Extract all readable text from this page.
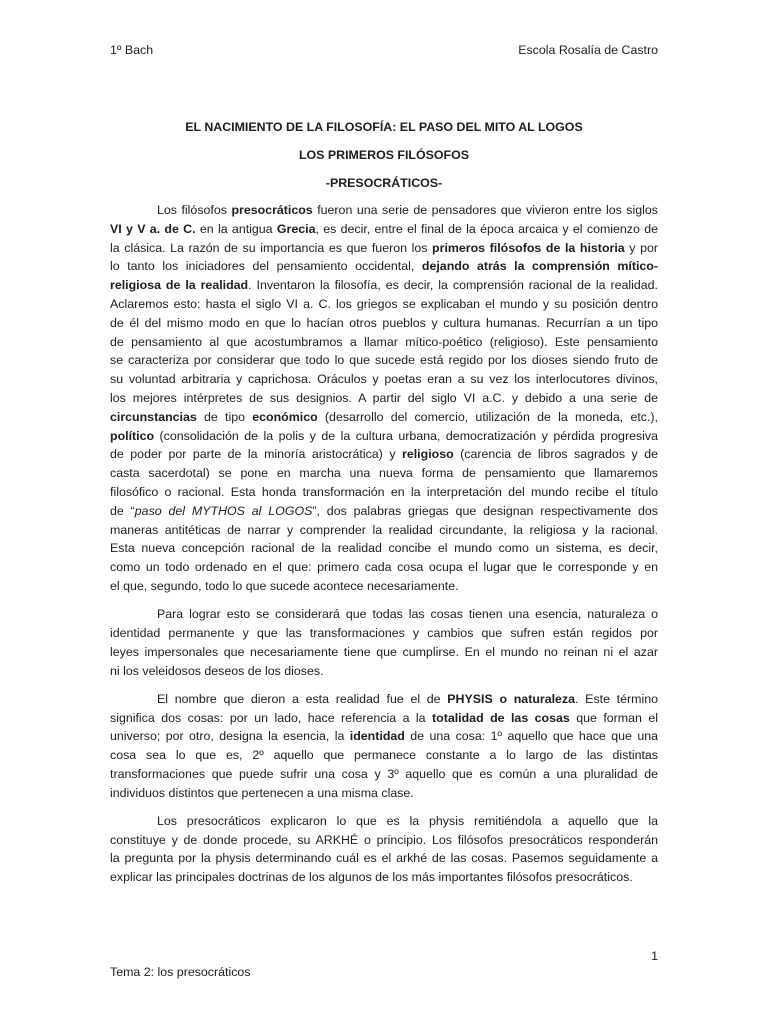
1º Bach	Escola Rosalía de Castro
EL NACIMIENTO DE LA FILOSOFÍA: EL PASO DEL MITO AL LOGOS
LOS PRIMEROS FILÓSOFOS
-PRESOCRÁTICOS-
Los filósofos presocráticos fueron una serie de pensadores que vivieron entre los siglos
VI y V a. de C. en la antigua Grecia, es decir, entre el final de la época arcaica y el comienzo de
la clásica. La razón de su importancia es que fueron los primeros filósofos de la historia y por
lo tanto los iniciadores del pensamiento occidental, dejando atrás la comprensión mítico-
religiosa de la realidad. Inventaron la filosofía, es decir, la comprensión racional de la realidad.
Aclaremos esto: hasta el siglo VI a. C. los griegos se explicaban el mundo y su posición dentro
de él del mismo modo en que lo hacían otros pueblos y cultura humanas. Recurrían a un tipo
de pensamiento al que acostumbramos a llamar mítico-poético (religioso). Este pensamiento
se caracteriza por considerar que todo lo que sucede está regido por los dioses siendo fruto de
su voluntad arbitraria y caprichosa. Oráculos y poetas eran a su vez los interlocutores divinos,
los mejores intérpretes de sus designios. A partir del siglo VI a.C. y debido a una serie de
circunstancias de tipo económico (desarrollo del comercio, utilización de la moneda, etc.),
político (consolidación de la polis y de la cultura urbana, democratización y pérdida progresiva
de poder por parte de la minoría aristocrática) y religioso (carencia de libros sagrados y de
casta sacerdotal) se pone en marcha una nueva forma de pensamiento que llamaremos
filosófico o racional. Esta honda transformación en la interpretación del mundo recibe el título
de “paso del MYTHOS al LOGOS”, dos palabras griegas que designan respectivamente dos
maneras antitéticas de narrar y comprender la realidad circundante, la religiosa y la racional.
Esta nueva concepción racional de la realidad concibe el mundo como un sistema, es decir,
como un todo ordenado en el que: primero cada cosa ocupa el lugar que le corresponde y en
el que, segundo, todo lo que sucede acontece necesariamente.
Para lograr esto se considerará que todas las cosas tienen una esencia, naturaleza o
identidad permanente y que las transformaciones y cambios que sufren están regidos por
leyes impersonales que necesariamente tiene que cumplirse. En el mundo no reinan ni el azar
ni los veleidosos deseos de los dioses.
El nombre que dieron a esta realidad fue el de PHYSIS o naturaleza. Este término
significa dos cosas: por un lado, hace referencia a la totalidad de las cosas que forman el
universo; por otro, designa la esencia, la identidad de una cosa: 1º aquello que hace que una
cosa sea lo que es, 2º aquello que permanece constante a lo largo de las distintas
transformaciones que puede sufrir una cosa y 3º aquello que es común a una pluralidad de
individuos distintos que pertenecen a una misma clase.
Los presocráticos explicaron lo que es la physis remitiéndola a aquello que la
constituye y de donde procede, su ARKHÉ o principio. Los filósofos presocráticos responderán
la pregunta por la physis determinando cuál es el arkhé de las cosas. Pasemos seguidamente a
explicar las principales doctrinas de los algunos de los más importantes filósofos presocráticos.
1
Tema 2: los presocráticos
